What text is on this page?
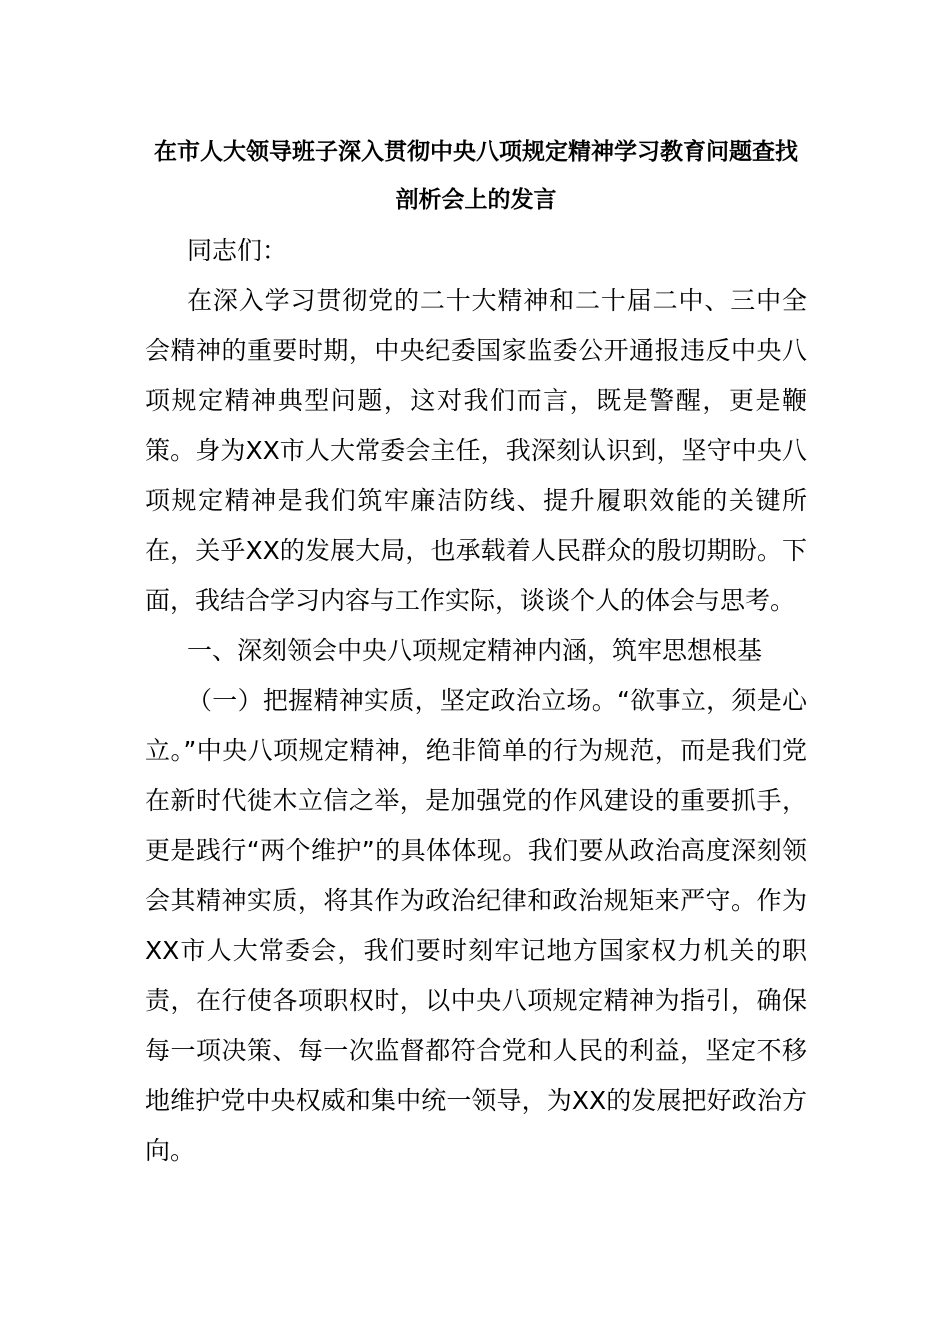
在市人大领导班子深入贯彻中央八项规定精神学习教育问题查找剖析会上的发言

同志们：

在深入学习贯彻党的二十大精神和二十届二中、三中全会精神的重要时期，中央纪委国家监委公开通报违反中央八项规定精神典型问题，这对我们而言，既是警醒，更是鞭策。身为XX市人大常委会主任，我深刻认识到，坚守中央八项规定精神是我们筑牢廉洁防线、提升履职效能的关键所在，关乎XX的发展大局，也承载着人民群众的殷切期盼。下面，我结合学习内容与工作实际，谈谈个人的体会与思考。

一、深刻领会中央八项规定精神内涵，筑牢思想根基

（一）把握精神实质，坚定政治立场。“欲事立，须是心立。”中央八项规定精神，绝非简单的行为规范，而是我们党在新时代徙木立信之举，是加强党的作风建设的重要抓手，更是践行“两个维护”的具体体现。我们要从政治高度深刻领会其精神实质，将其作为政治纪律和政治规矩来严守。作为XX市人大常委会，我们要时刻牢记地方国家权力机关的职责，在行使各项职权时，以中央八项规定精神为指引，确保每一项决策、每一次监督都符合党和人民的利益，坚定不移地维护党中央权威和集中统一领导，为XX的发展把好政治方向。
